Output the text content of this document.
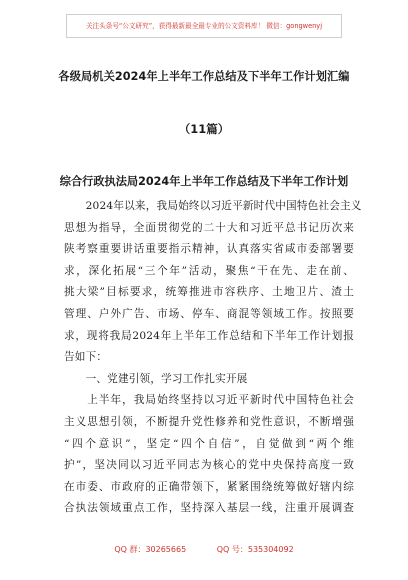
关注头条号“公文研究”，获得最新最全最专业的公文资料库！ 微信：gongwenyj
各级局机关2024年上半年工作总结及下半年工作计划汇编
（11篇）
综合行政执法局2024年上半年工作总结及下半年工作计划
　　2024年以来，我局始终以习近平新时代中国特色社会主义
思想为指导，全面贯彻党的二十大和习近平总书记历次来
陕考察重要讲话重要指示精神，认真落实省咸市委部署要
求，深化拓展“三个年”活动，聚焦“干在先、走在前、
挑大梁”目标要求，统筹推进市容秩序、土地卫片、渣土
管理、户外广告、市场、停车、商混等领域工作。按照要
求，现将我局2024年上半年工作总结和下半年工作计划报
告如下：
　　一、党建引领，学习工作扎实开展
　　上半年，我局始终坚持以习近平新时代中国特色社会
主义思想引领，不断提升党性修养和党性意识，不断增强
“四个意识”，坚定“四个自信”，自觉做到“两个维
护”，坚决同以习近平同志为核心的党中央保持高度一致
在市委、市政府的正确带领下，紧紧围绕统筹做好辖内综
合执法领域重点工作，坚持深入基层一线，注重开展调查
QQ 群：30265665	QQ 号：535304092
